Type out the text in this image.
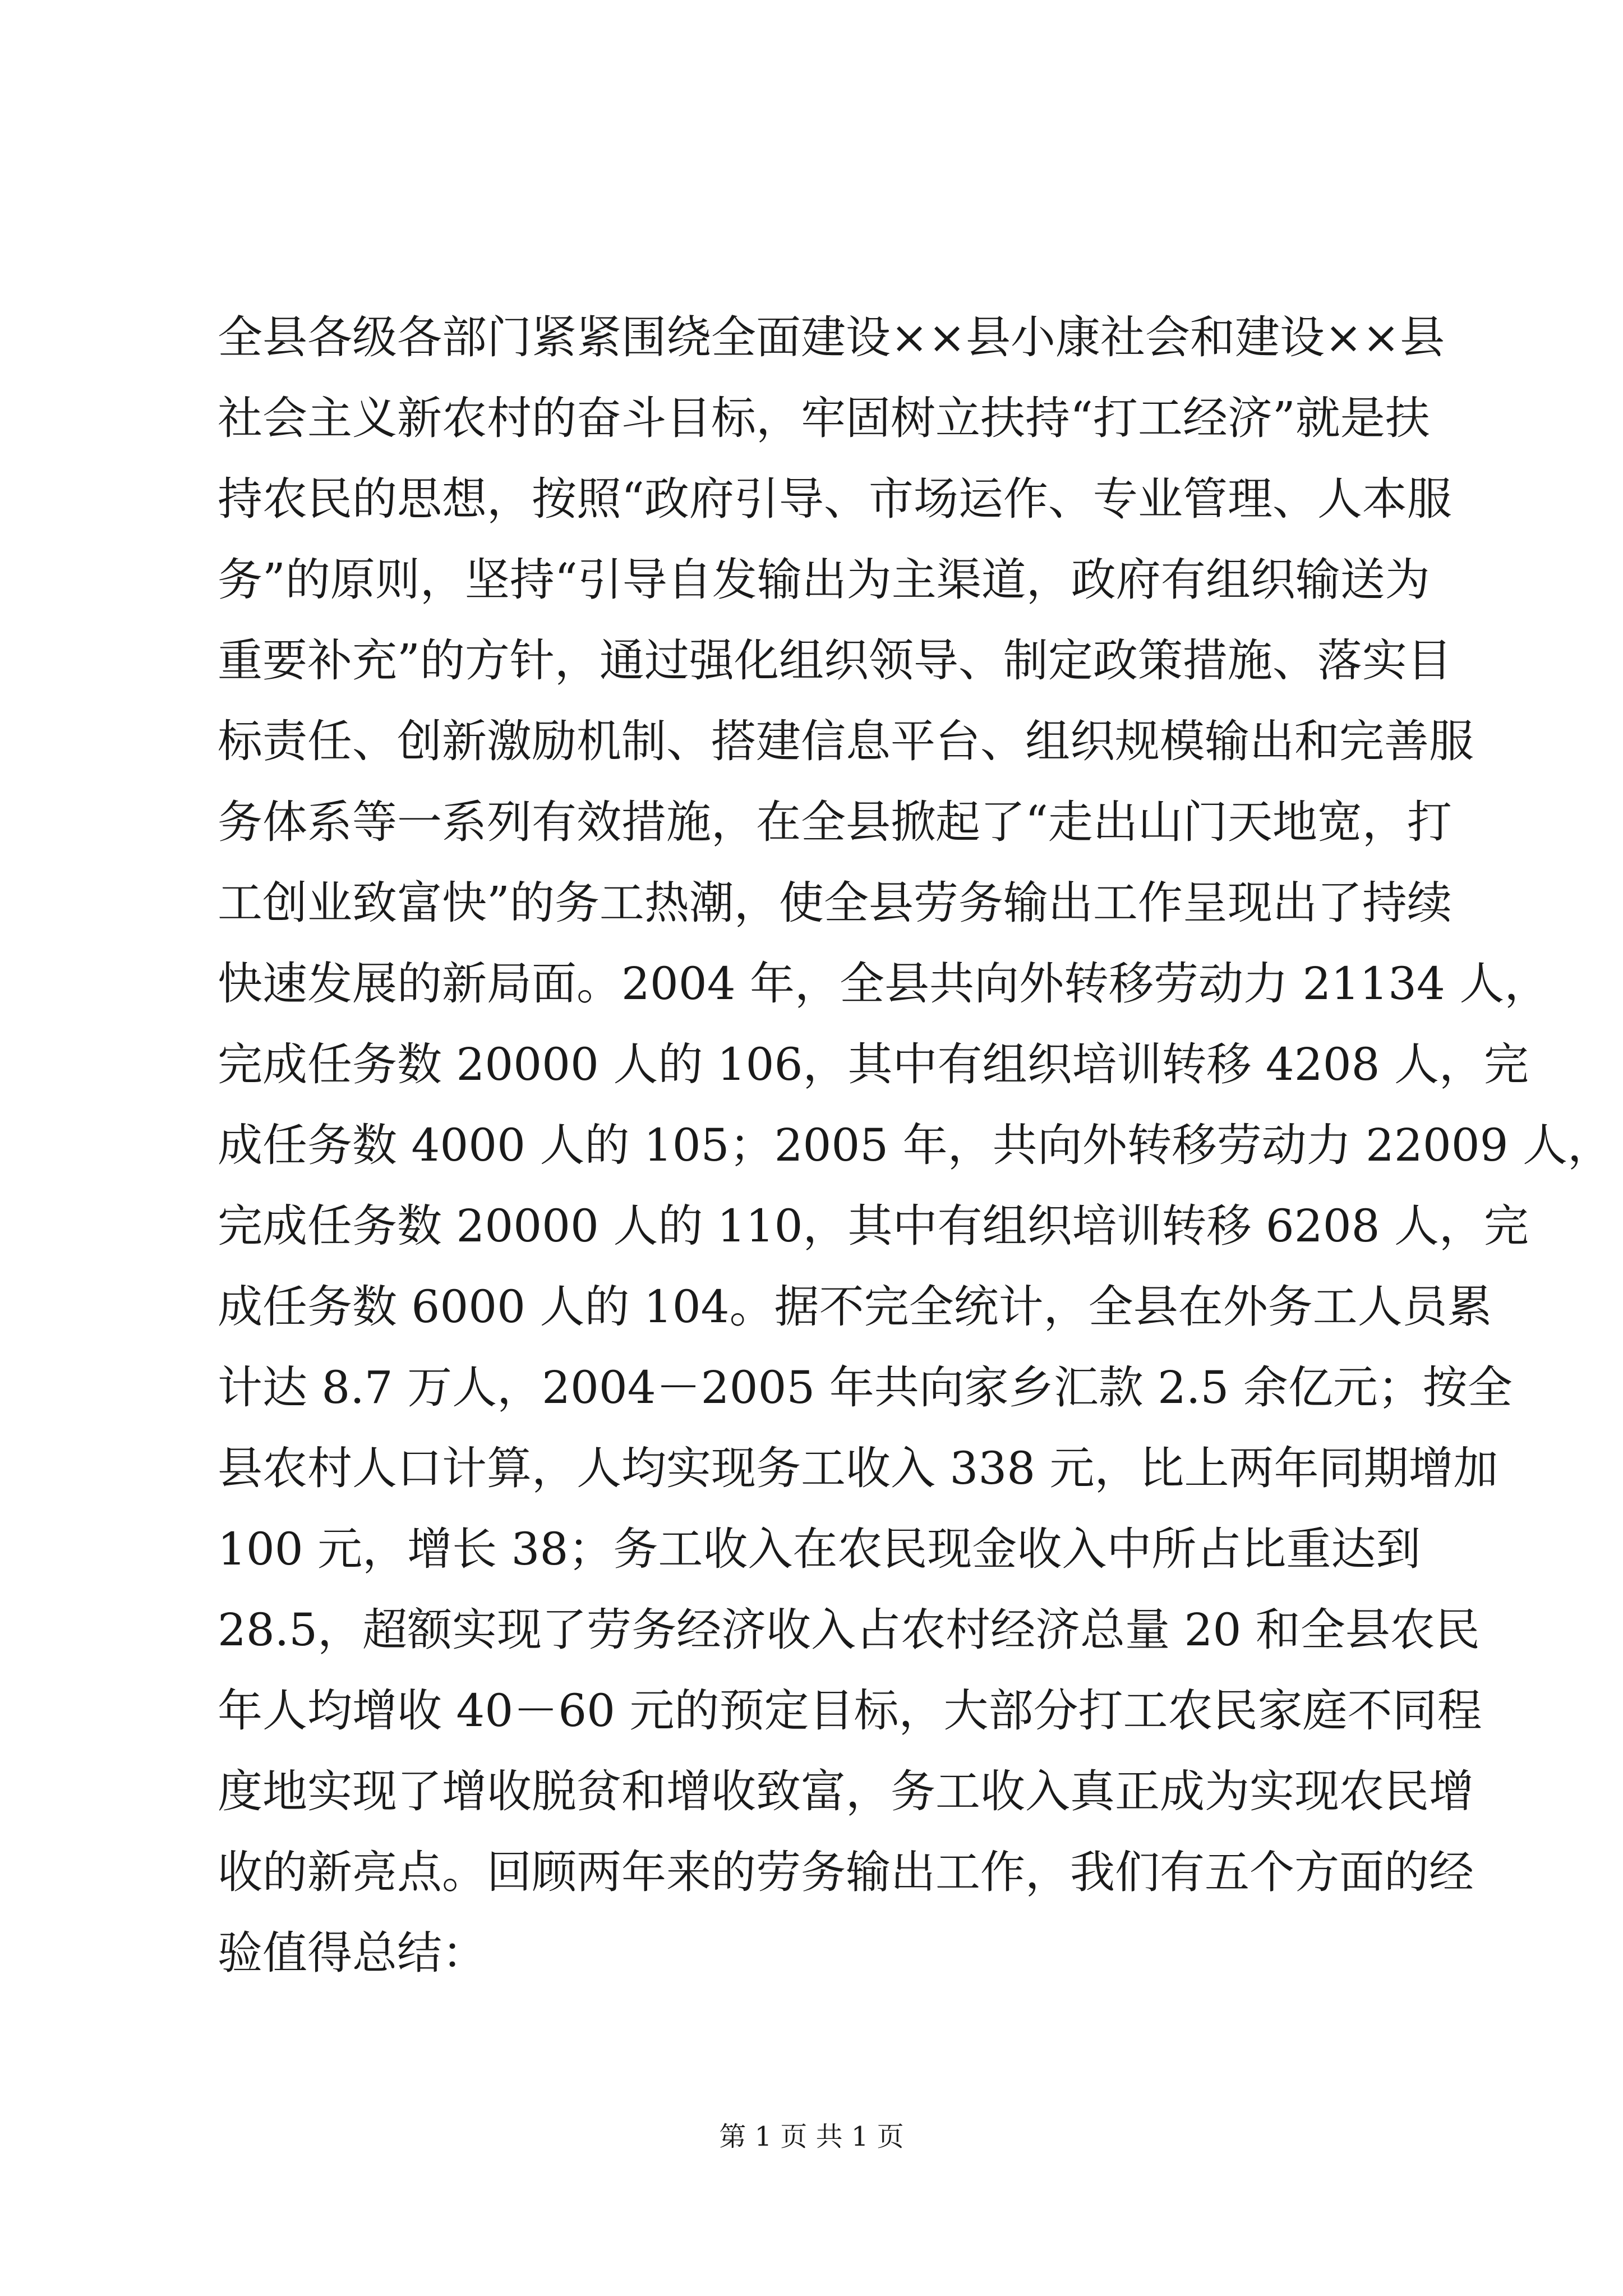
全县各级各部门紧紧围绕全面建设××县小康社会和建设××县
社会主义新农村的奋斗目标，牢固树立扶持“打工经济”就是扶
持农民的思想，按照“政府引导、市场运作、专业管理、人本服
务”的原则，坚持“引导自发输出为主渠道，政府有组织输送为
重要补充”的方针，通过强化组织领导、制定政策措施、落实目
标责任、创新激励机制、搭建信息平台、组织规模输出和完善服
务体系等一系列有效措施，在全县掀起了“走出山门天地宽，打
工创业致富快”的务工热潮，使全县劳务输出工作呈现出了持续
快速发展的新局面。2004 年，全县共向外转移劳动力 21134 人，
完成任务数 20000 人的 106，其中有组织培训转移 4208 人，完
成任务数 4000 人的 105；2005 年，共向外转移劳动力 22009 人，
完成任务数 20000 人的 110，其中有组织培训转移 6208 人，完
成任务数 6000 人的 104。据不完全统计，全县在外务工人员累
计达 8.7 万人，2004－2005 年共向家乡汇款 2.5 余亿元；按全
县农村人口计算，人均实现务工收入 338 元，比上两年同期增加
100 元，增长 38；务工收入在农民现金收入中所占比重达到
28.5，超额实现了劳务经济收入占农村经济总量 20 和全县农民
年人均增收 40－60 元的预定目标，大部分打工农民家庭不同程
度地实现了增收脱贫和增收致富，务工收入真正成为实现农民增
收的新亮点。回顾两年来的劳务输出工作，我们有五个方面的经
验值得总结：
第 1 页 共 1 页
